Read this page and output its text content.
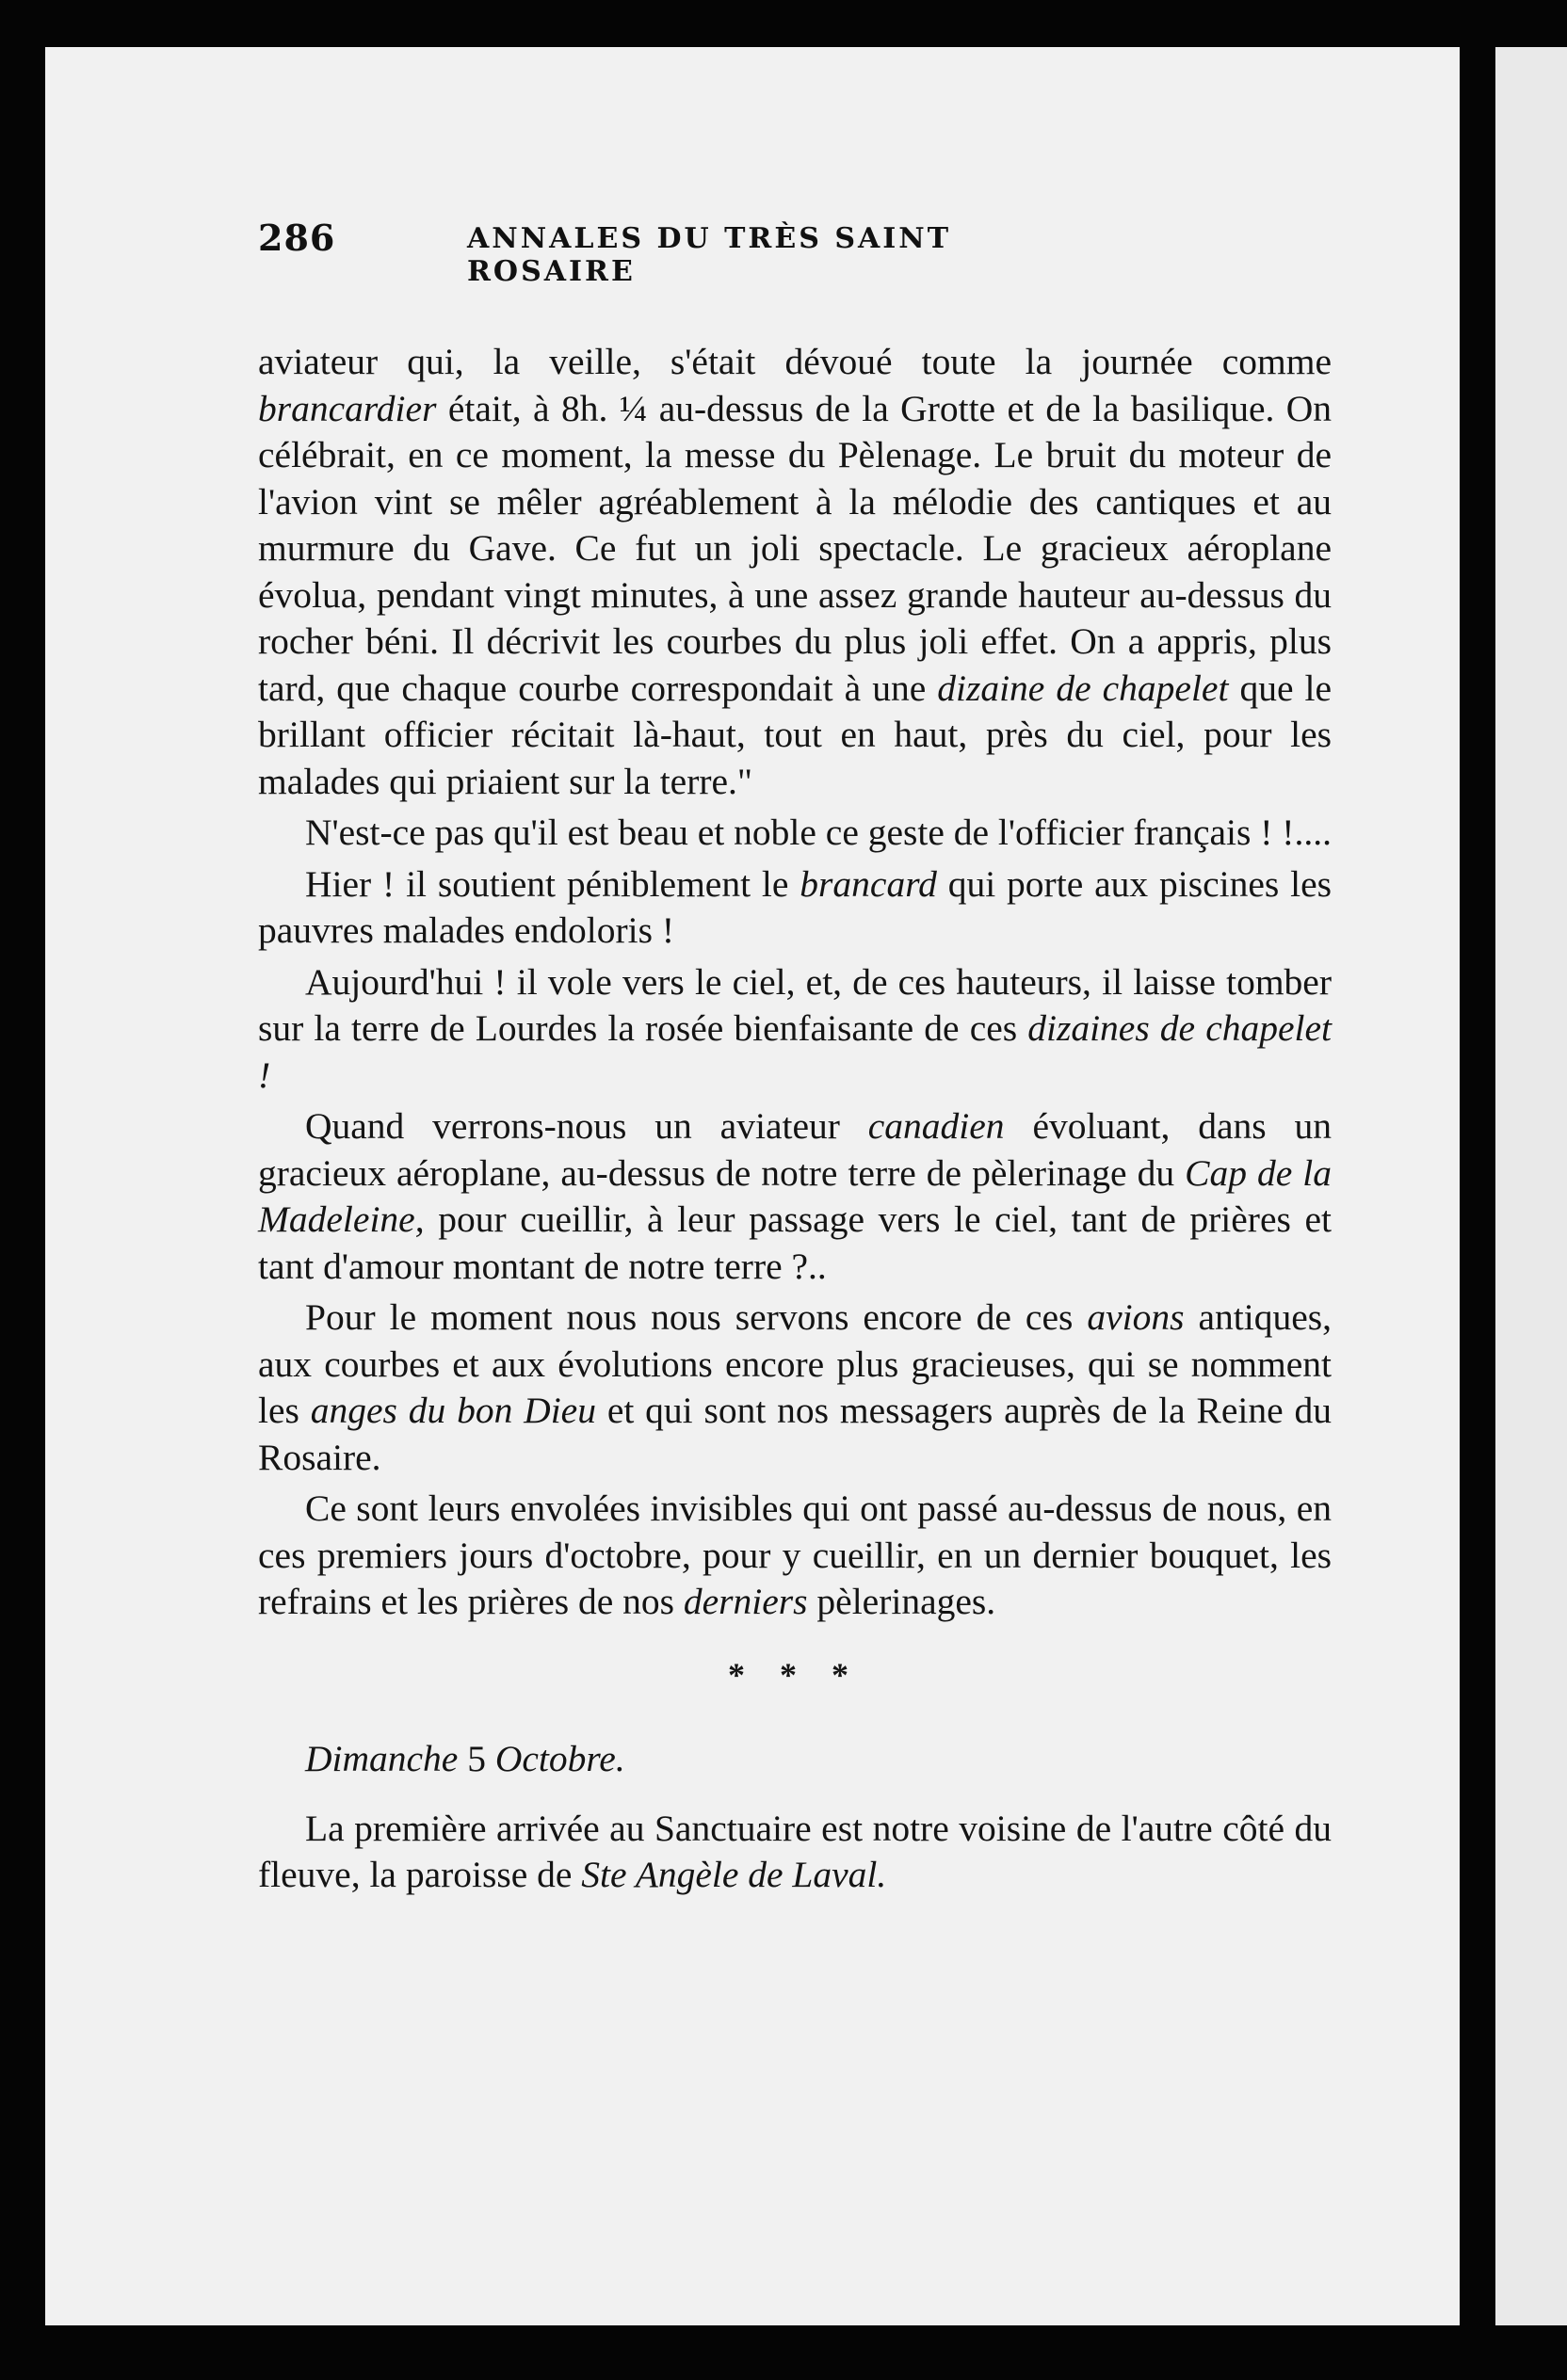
286	ANNALES DU TRÈS SAINT ROSAIRE

aviateur qui, la veille, s'était dévoué toute la journée comme brancardier était, à 8h. ¼ au-dessus de la Grotte et de la basilique. On célébrait, en ce moment, la messe du Pèlenage. Le bruit du moteur de l'avion vint se mêler agréablement à la mélodie des cantiques et au murmure du Gave. Ce fut un joli spectacle. Le gracieux aéroplane évolua, pendant vingt minutes, à une assez grande hauteur au-dessus du rocher béni. Il décrivit les courbes du plus joli effet. On a appris, plus tard, que chaque courbe correspondait à une dizaine de chapelet que le brillant officier récitait là-haut, tout en haut, près du ciel, pour les malades qui priaient sur la terre."

N'est-ce pas qu'il est beau et noble ce geste de l'officier français ! !....

Hier ! il soutient péniblement le brancard qui porte aux piscines les pauvres malades endoloris !

Aujourd'hui ! il vole vers le ciel, et, de ces hauteurs, il laisse tomber sur la terre de Lourdes la rosée bienfaisante de ces dizaines de chapelet !

Quand verrons-nous un aviateur canadien évoluant, dans un gracieux aéroplane, au-dessus de notre terre de pèlerinage du Cap de la Madeleine, pour cueillir, à leur passage vers le ciel, tant de prières et tant d'amour montant de notre terre ?..

Pour le moment nous nous servons encore de ces avions antiques, aux courbes et aux évolutions encore plus gracieuses, qui se nomment les anges du bon Dieu et qui sont nos messagers auprès de la Reine du Rosaire.

Ce sont leurs envolées invisibles qui ont passé au-dessus de nous, en ces premiers jours d'octobre, pour y cueillir, en un dernier bouquet, les refrains et les prières de nos derniers pèlerinages.

* * *

Dimanche 5 Octobre.

La première arrivée au Sanctuaire est notre voisine de l'autre côté du fleuve, la paroisse de Ste Angèle de Laval.
